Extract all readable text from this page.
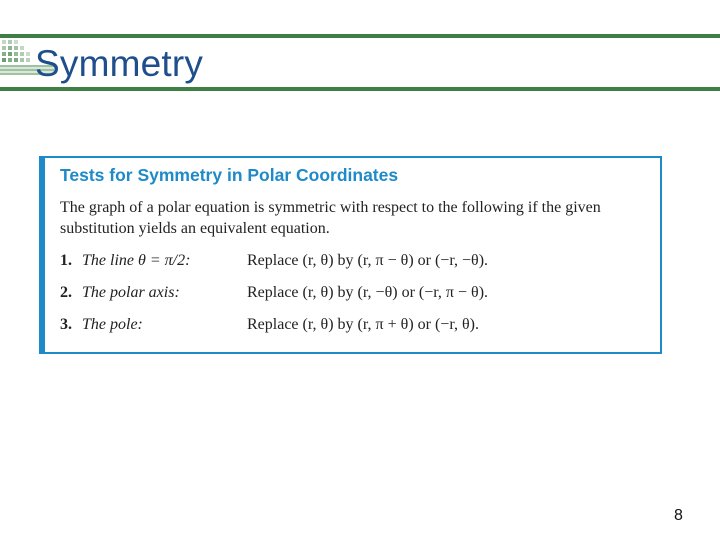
Symmetry
Tests for Symmetry in Polar Coordinates
The graph of a polar equation is symmetric with respect to the following if the given substitution yields an equivalent equation.
1. The line θ = π/2:	Replace (r, θ) by (r, π − θ) or (−r, −θ).
2. The polar axis:	Replace (r, θ) by (r, −θ) or (−r, π − θ).
3. The pole:	Replace (r, θ) by (r, π + θ) or (−r, θ).
8
